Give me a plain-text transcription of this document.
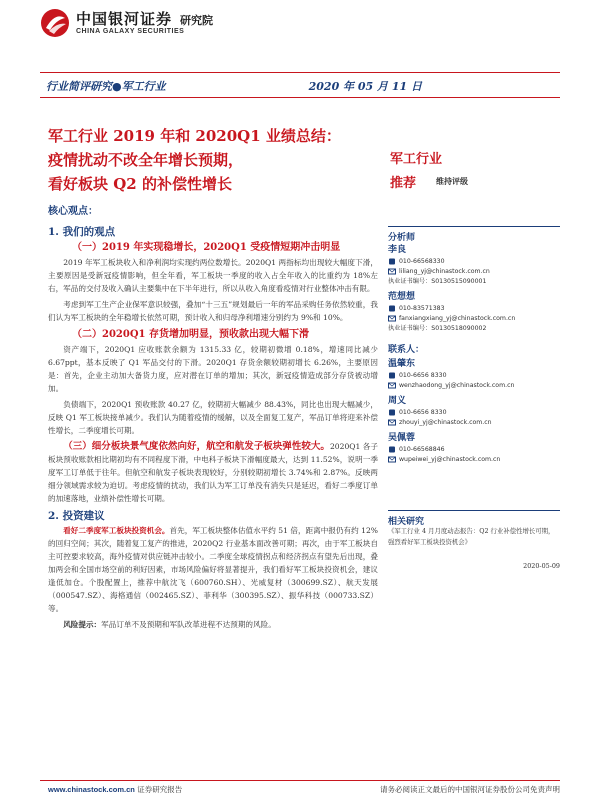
中国银河证券
CHINA GALAXY SECURITIES
研究院
行业简评研究●军工行业	2020 年 05 月 11 日
军工行业 2019 年和 2020Q1 业绩总结：
疫情扰动不改全年增长预期，
看好板块 Q2 的补偿性增长
军工行业
推荐 维持评级
核心观点：
1. 我们的观点
（一）2019 年实现稳增长，2020Q1 受疫情短期冲击明显

2019 年军工板块收入和净利润均实现约两位数增长。2020Q1 两指标均出现较大幅度下滑，主要原因是受新冠疫情影响，但全年看，军工板块一季度的收入占全年收入的比重约为 18%左右，军品的交付及收入确认主要集中在下半年进行，所以从收入角度看疫情对行业整体冲击有限。

考虑到军工生产企业保军意识较强，叠加“十三五”规划最后一年的军品采购任务依然较重，我们认为军工板块的全年稳增长依然可期，预计收入和归母净利增速分别约为 9%和 10%。

（二）2020Q1 存货增加明显，预收款出现大幅下滑

资产端下，2020Q1 应收账款余额为 1315.33 亿，较期初微增 0.18%，增速同比减少 6.67ppt，基本反映了 Q1 军品交付的下滑。2020Q1 存货余额较期初增长 6.26%，主要原因是：首先，企业主动加大备货力度，应对潜在订单的增加；其次，新冠疫情造成部分存货被动增加。

负债端下，2020Q1 预收账款 40.27 亿，较期初大幅减少 88.43%，同比也出现大幅减少，反映 Q1 军工板块接单减少。我们认为随着疫情的缓解，以及全面复工复产，军品订单将迎来补偿性增长，二季度增长可期。

（三）细分板块景气度依然向好，航空和航发子板块弹性较大。2020Q1 各子板块预收账款相比期初均有不同程度下滑，中电科子板块下滑幅度最大，达到 11.52%，说明一季度军工订单低于往年。但航空和航发子板块表现较好，分别较期初增长 3.74%和 2.87%。反映两细分领域需求较为迫切。考虑疫情的扰动，我们认为军工订单没有消失只是延迟，看好二季度订单的加速落地，业绩补偿性增长可期。

2. 投资建议

看好二季度军工板块投资机会。首先，军工板块整体估值水平约 51 倍，距离中报仍有约 12%的回归空间；其次，随着复工复产的推进，2020Q2 行业基本面改善可期；再次，由于军工板块自主可控要求较高，海外疫情对供应链冲击较小。二季度全球疫情拐点和经济拐点有望先后出现，叠加两会和全国市场空前的利好因素，市场风险偏好将显著提升，我们看好军工板块投资机会，建议逢低加仓。个股配置上，推荐中航沈飞（600760.SH）、光威复材（300699.SZ）、航天发展（000547.SZ）、海格通信（002465.SZ）、菲利华（300395.SZ）、振华科技（000733.SZ）等。

风险提示：军品订单不及预期和军队改革进程不达预期的风险。

分析师
李良
010-66568330
liliang_yj@chinastock.com.cn
执业证书编号：S0130515090001
范想想
010-83571383
fanxiangxiang_yj@chinastock.com.cn
执业证书编号：S0130518090002
联系人：
温肇东
010-6656 8330
wenzhaodong_yj@chinastock.com.cn
周义
010-6656 8330
zhouyi_yj@chinastock.com.cn
吴佩蓉
010-66568846
wupeiwei_yj@chinastock.com.cn
相关研究
《军工行业 4 月月度动态报告：Q2 行业补偿性增长可期，强烈看好军工板块投资机会》
2020-05-09
www.chinastock.com.cn 证券研究报告	请务必阅读正文最后的中国银河证券股份公司免责声明
